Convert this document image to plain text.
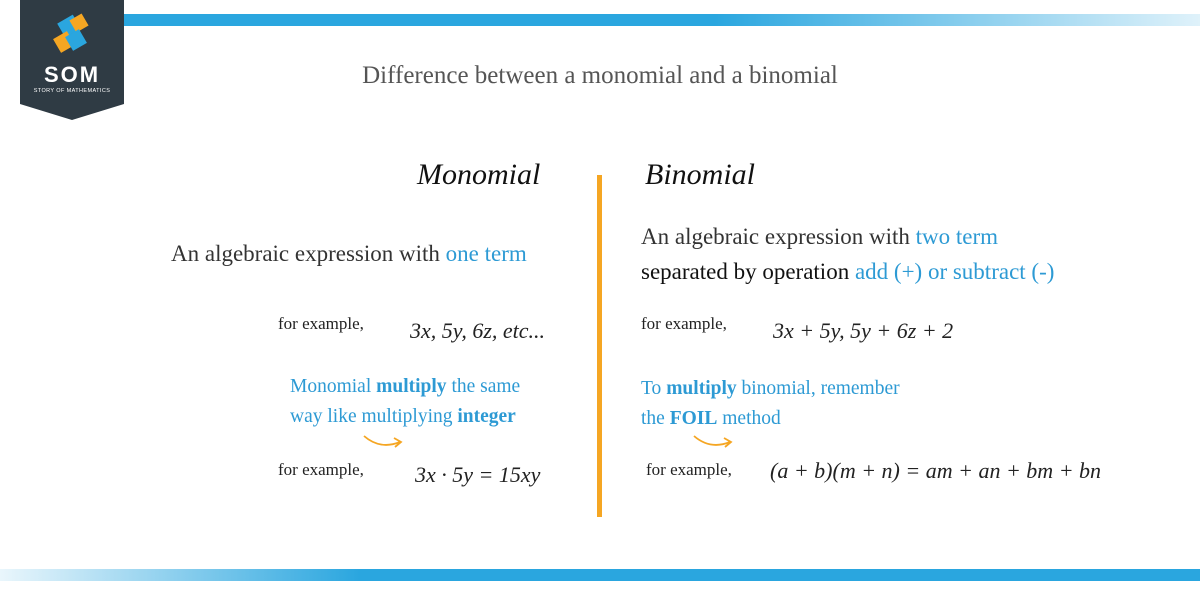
SOM
STORY OF MATHEMATICS
Difference between a monomial and a binomial
Monomial
An algebraic expression with one term
for example, 3x, 5y, 6z, etc...
Monomial multiply the same
way like multiplying integer
for example, 3x · 5y = 15xy
Binomial
An algebraic expression with two term
separated by operation add (+) or subtract (-)
for example, 3x + 5y, 5y + 6z + 2
To multiply binomial, remember
the FOIL method
for example, (a + b)(m + n) = am + an + bm + bn
